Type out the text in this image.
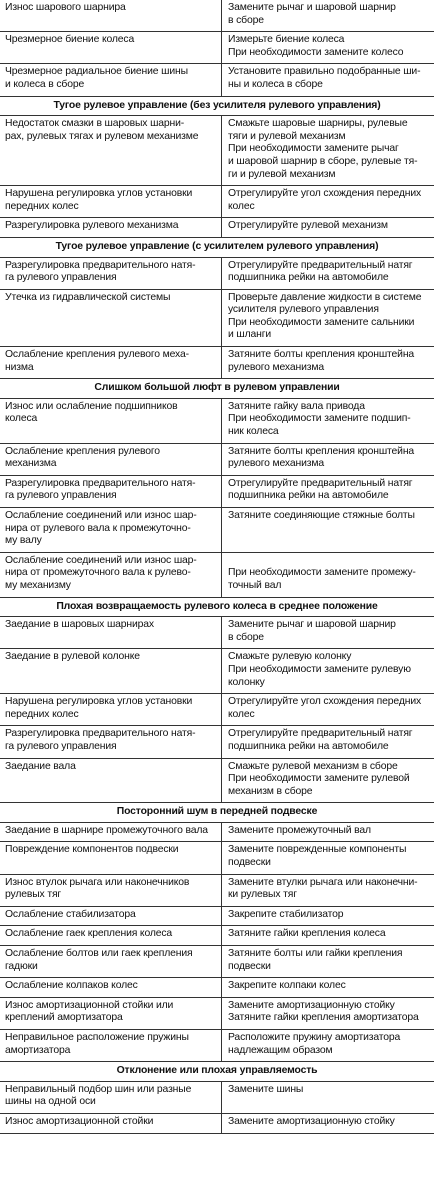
Износ шарового шарнира	Замените рычаг и шаровой шарнир
в сборе

Чрезмерное биение колеса	Измерьте биение колеса
При необходимости замените колесо

Чрезмерное радиальное биение шины
и колеса в сборе	Установите правильно подобранные ши-
ны и колеса в сборе

Тугое рулевое управление (без усилителя рулевого управления)	

Недостаток смазки в шаровых шарни-
рах, рулевых тягах и рулевом механизме	Смажьте шаровые шарниры, рулевые
тяги и рулевой механизм
При необходимости замените рычаг
и шаровой шарнир в сборе, рулевые тя-
ги и рулевой механизм

Нарушена регулировка углов установки
передних колес	Отрегулируйте угол схождения передних
колес

Разрегулировка рулевого механизма	Отрегулируйте рулевой механизм

Тугое рулевое управление (с усилителем рулевого управления)	

Разрегулировка предварительного натя-
га рулевого управления	Отрегулируйте предварительный натяг
подшипника рейки на автомобиле

Утечка из гидравлической системы	Проверьте давление жидкости в системе
усилителя рулевого управления
При необходимости замените сальники
и шланги

Ослабление крепления рулевого меха-
низма	Затяните болты крепления кронштейна
рулевого механизма

Слишком большой люфт в рулевом управлении	

Износ или ослабление подшипников
колеса	Затяните гайку вала привода
При необходимости замените подшип-
ник колеса

Ослабление крепления рулевого
механизма	Затяните болты крепления кронштейна
рулевого механизма

Разрегулировка предварительного натя-
га рулевого управления	Отрегулируйте предварительный натяг
подшипника рейки на автомобиле

Ослабление соединений или износ шар-
нира от рулевого вала к промежуточно-
му валу	Затяните соединяющие стяжные болты

Ослабление соединений или износ шар-
нира от промежуточного вала к рулево-
му механизму	При необходимости замените промежу-
точный вал

Плохая возвращаемость рулевого колеса в среднее положение	

Заедание в шаровых шарнирах	Замените рычаг и шаровой шарнир
в сборе

Заедание в рулевой колонке	Смажьте рулевую колонку
При необходимости замените рулевую
колонку

Нарушена регулировка углов установки
передних колес	Отрегулируйте угол схождения передних
колес

Разрегулировка предварительного натя-
га рулевого управления	Отрегулируйте предварительный натяг
подшипника рейки на автомобиле

Заедание вала	Смажьте рулевой механизм в сборе
При необходимости замените рулевой
механизм в сборе

Посторонний шум в передней подвеске	

Заедание в шарнире промежуточного вала	Замените промежуточный вал

Повреждение компонентов подвески	Замените поврежденные компоненты
подвески

Износ втулок рычага или наконечников
рулевых тяг	Замените втулки рычага или наконечни-
ки рулевых тяг

Ослабление стабилизатора	Закрепите стабилизатор

Ослабление гаек крепления колеса	Затяните гайки крепления колеса

Ослабление болтов или гаек крепления
гадюки	Затяните болты или гайки крепления
подвески

Ослабление колпаков колес	Закрепите колпаки колес

Износ амортизационной стойки или
креплений амортизатора	Замените амортизационную стойку
Затяните гайки крепления амортизатора

Неправильное расположение пружины
амортизатора	Расположите пружину амортизатора
надлежащим образом

Отклонение или плохая управляемость	

Неправильный подбор шин или разные
шины на одной оси	Замените шины

Износ амортизационной стойки	Замените амортизационную стойку
